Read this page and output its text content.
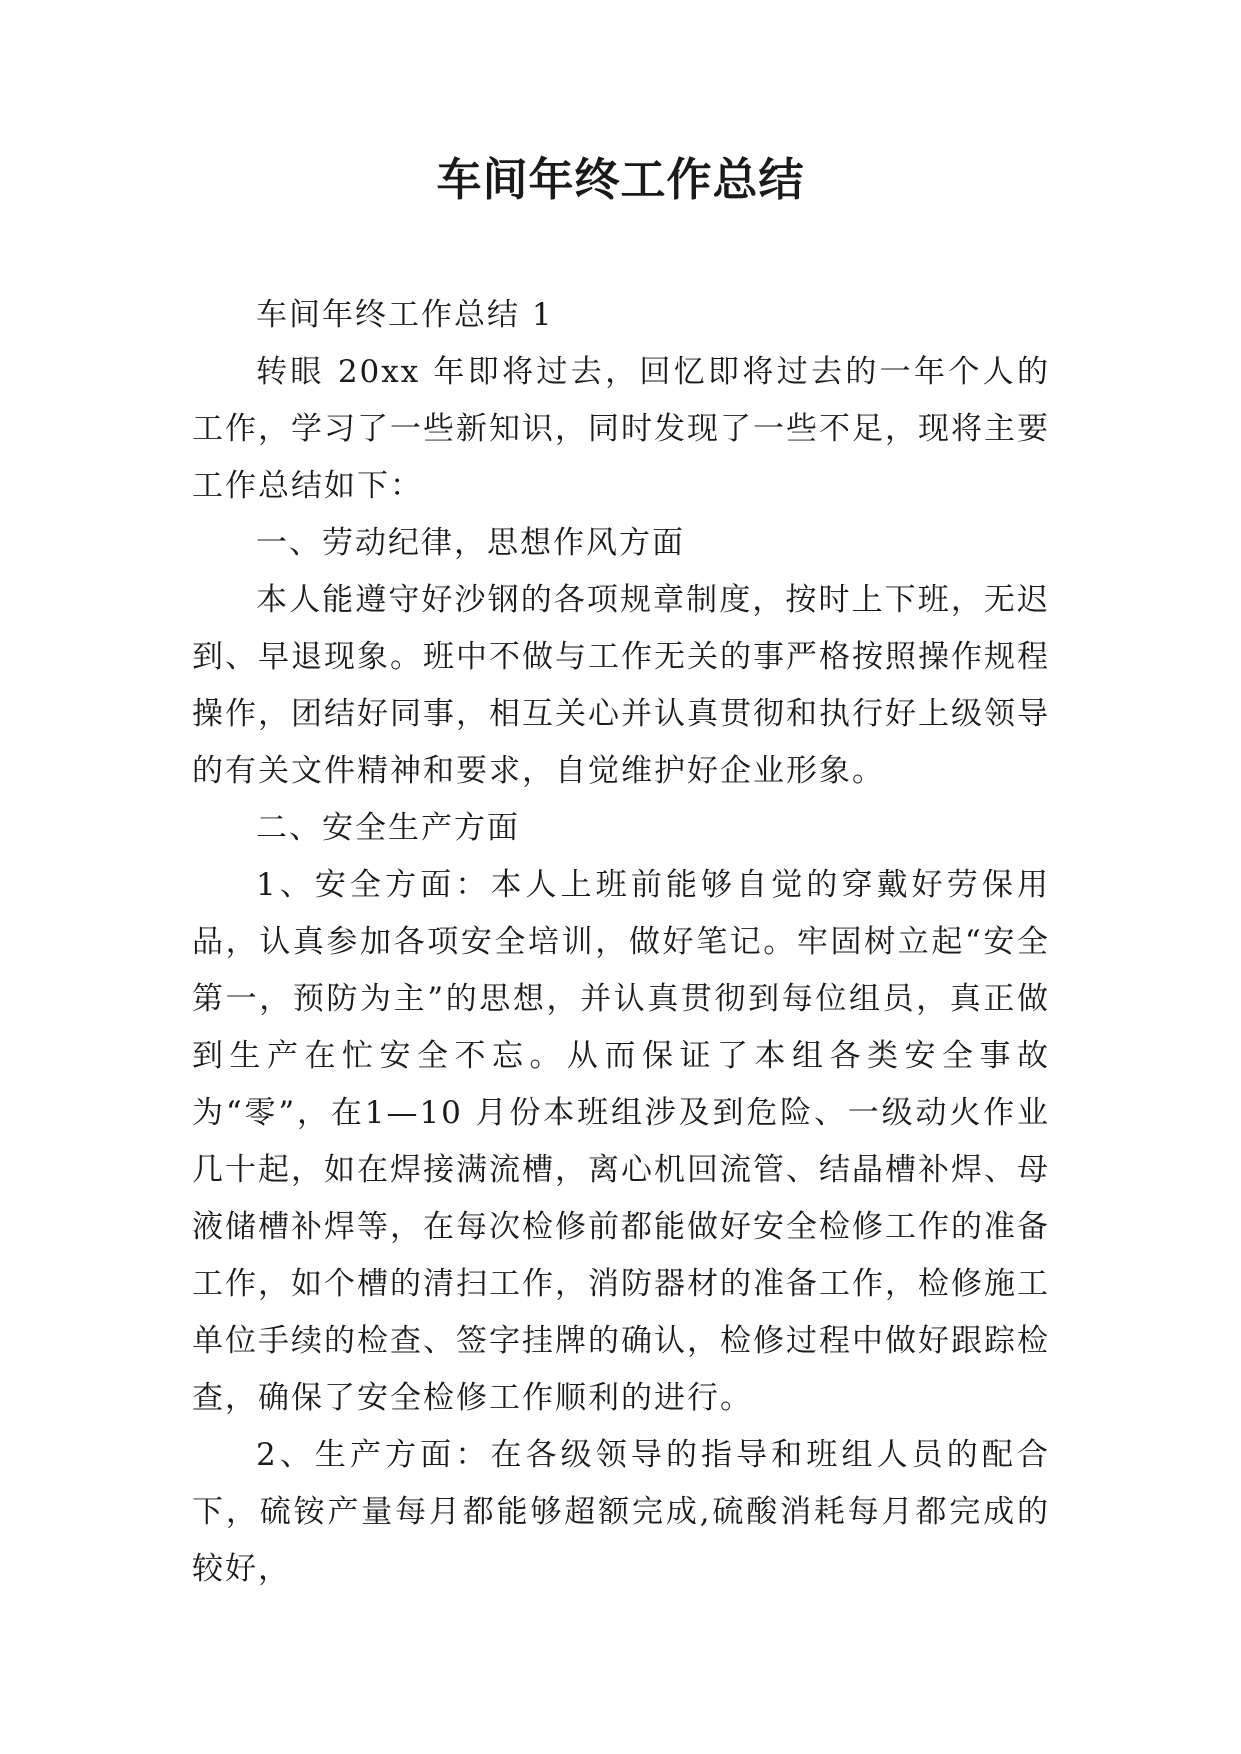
车间年终工作总结

车间年终工作总结 1

转眼 20xx 年即将过去，回忆即将过去的一年个人的工作，学习了一些新知识，同时发现了一些不足，现将主要工作总结如下：

一、劳动纪律，思想作风方面

本人能遵守好沙钢的各项规章制度，按时上下班，无迟到、早退现象。班中不做与工作无关的事严格按照操作规程操作，团结好同事，相互关心并认真贯彻和执行好上级领导的有关文件精神和要求，自觉维护好企业形象。

二、安全生产方面

1、安全方面：本人上班前能够自觉的穿戴好劳保用品，认真参加各项安全培训，做好笔记。牢固树立起“安全第一，预防为主”的思想，并认真贯彻到每位组员，真正做到生产在忙安全不忘。从而保证了本组各类安全事故为“零”，在1—10 月份本班组涉及到危险、一级动火作业几十起，如在焊接满流槽，离心机回流管、结晶槽补焊、母液储槽补焊等，在每次检修前都能做好安全检修工作的准备工作，如个槽的清扫工作，消防器材的准备工作，检修施工单位手续的检查、签字挂牌的确认，检修过程中做好跟踪检查，确保了安全检修工作顺利的进行。

2、生产方面：在各级领导的指导和班组人员的配合下，硫铵产量每月都能够超额完成,硫酸消耗每月都完成的较好，
